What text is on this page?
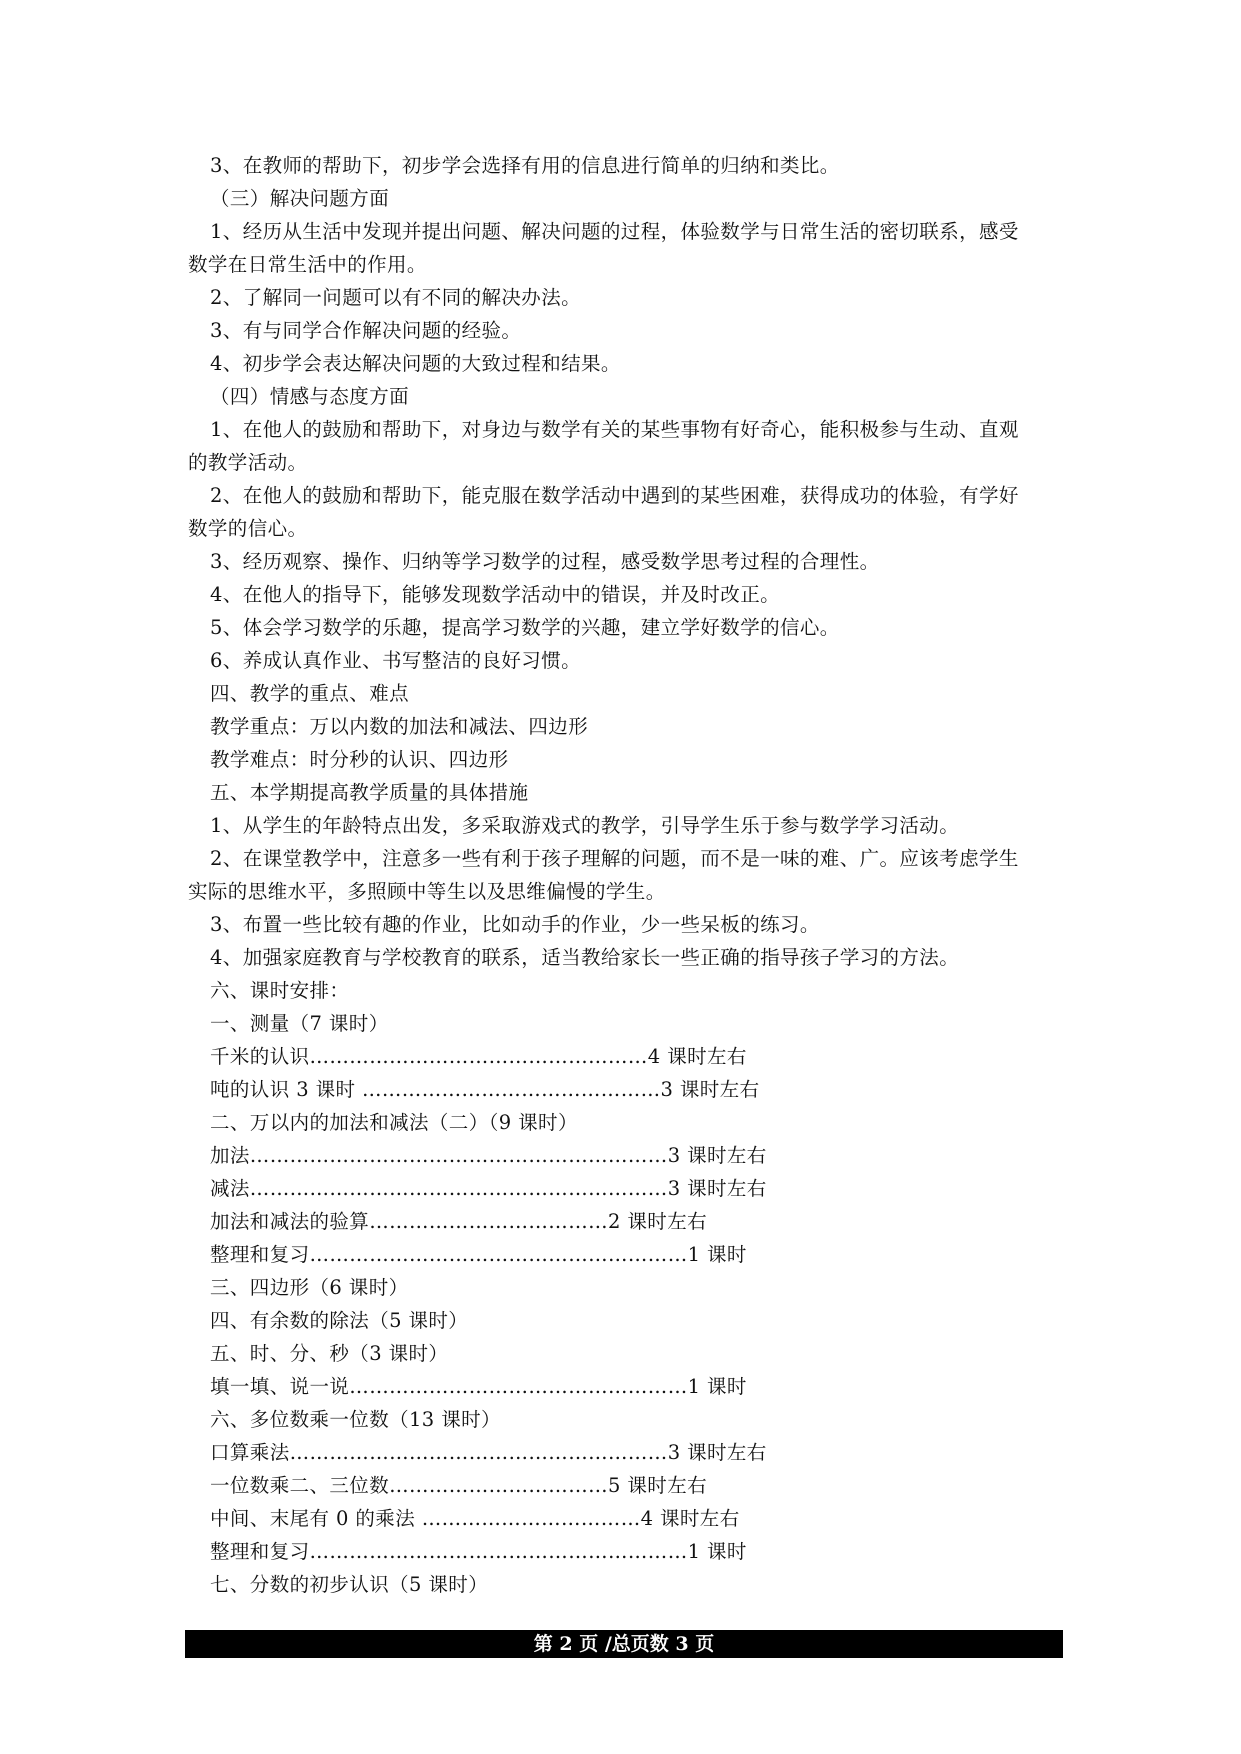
3、在教师的帮助下，初步学会选择有用的信息进行简单的归纳和类比。
（三）解决问题方面
1、经历从生活中发现并提出问题、解决问题的过程，体验数学与日常生活的密切联系，感受
数学在日常生活中的作用。
2、了解同一问题可以有不同的解决办法。
3、有与同学合作解决问题的经验。
4、初步学会表达解决问题的大致过程和结果。
（四）情感与态度方面
1、在他人的鼓励和帮助下，对身边与数学有关的某些事物有好奇心，能积极参与生动、直观
的教学活动。
2、在他人的鼓励和帮助下，能克服在数学活动中遇到的某些困难，获得成功的体验，有学好
数学的信心。
3、经历观察、操作、归纳等学习数学的过程，感受数学思考过程的合理性。
4、在他人的指导下，能够发现数学活动中的错误，并及时改正。
5、体会学习数学的乐趣，提高学习数学的兴趣，建立学好数学的信心。
6、养成认真作业、书写整洁的良好习惯。
四、教学的重点、难点
教学重点：万以内数的加法和减法、四边形
教学难点：时分秒的认识、四边形
五、本学期提高教学质量的具体措施
1、从学生的年龄特点出发，多采取游戏式的教学，引导学生乐于参与数学学习活动。
2、在课堂教学中，注意多一些有利于孩子理解的问题，而不是一味的难、广。应该考虑学生
实际的思维水平，多照顾中等生以及思维偏慢的学生。
3、布置一些比较有趣的作业，比如动手的作业，少一些呆板的练习。
4、加强家庭教育与学校教育的联系，适当教给家长一些正确的指导孩子学习的方法。
六、课时安排：
一、测量（7 课时）
千米的认识……………………………………………4 课时左右
吨的认识 3 课时 ………………………………………3 课时左右
二、万以内的加法和减法（二）（9 课时）
加法………………………………………………………3 课时左右
减法………………………………………………………3 课时左右
加法和减法的验算………………………………2 课时左右
整理和复习…………………………………………………1 课时
三、四边形（6 课时）
四、有余数的除法（5 课时）
五、时、分、秒（3 课时）
填一填、说一说……………………………………………1 课时
六、多位数乘一位数（13 课时）
口算乘法…………………………………………………3 课时左右
一位数乘二、三位数……………………………5 课时左右
中间、末尾有 0 的乘法 ……………………………4 课时左右
整理和复习…………………………………………………1 课时
七、分数的初步认识（5 课时）
第 2 页 /总页数 3 页
